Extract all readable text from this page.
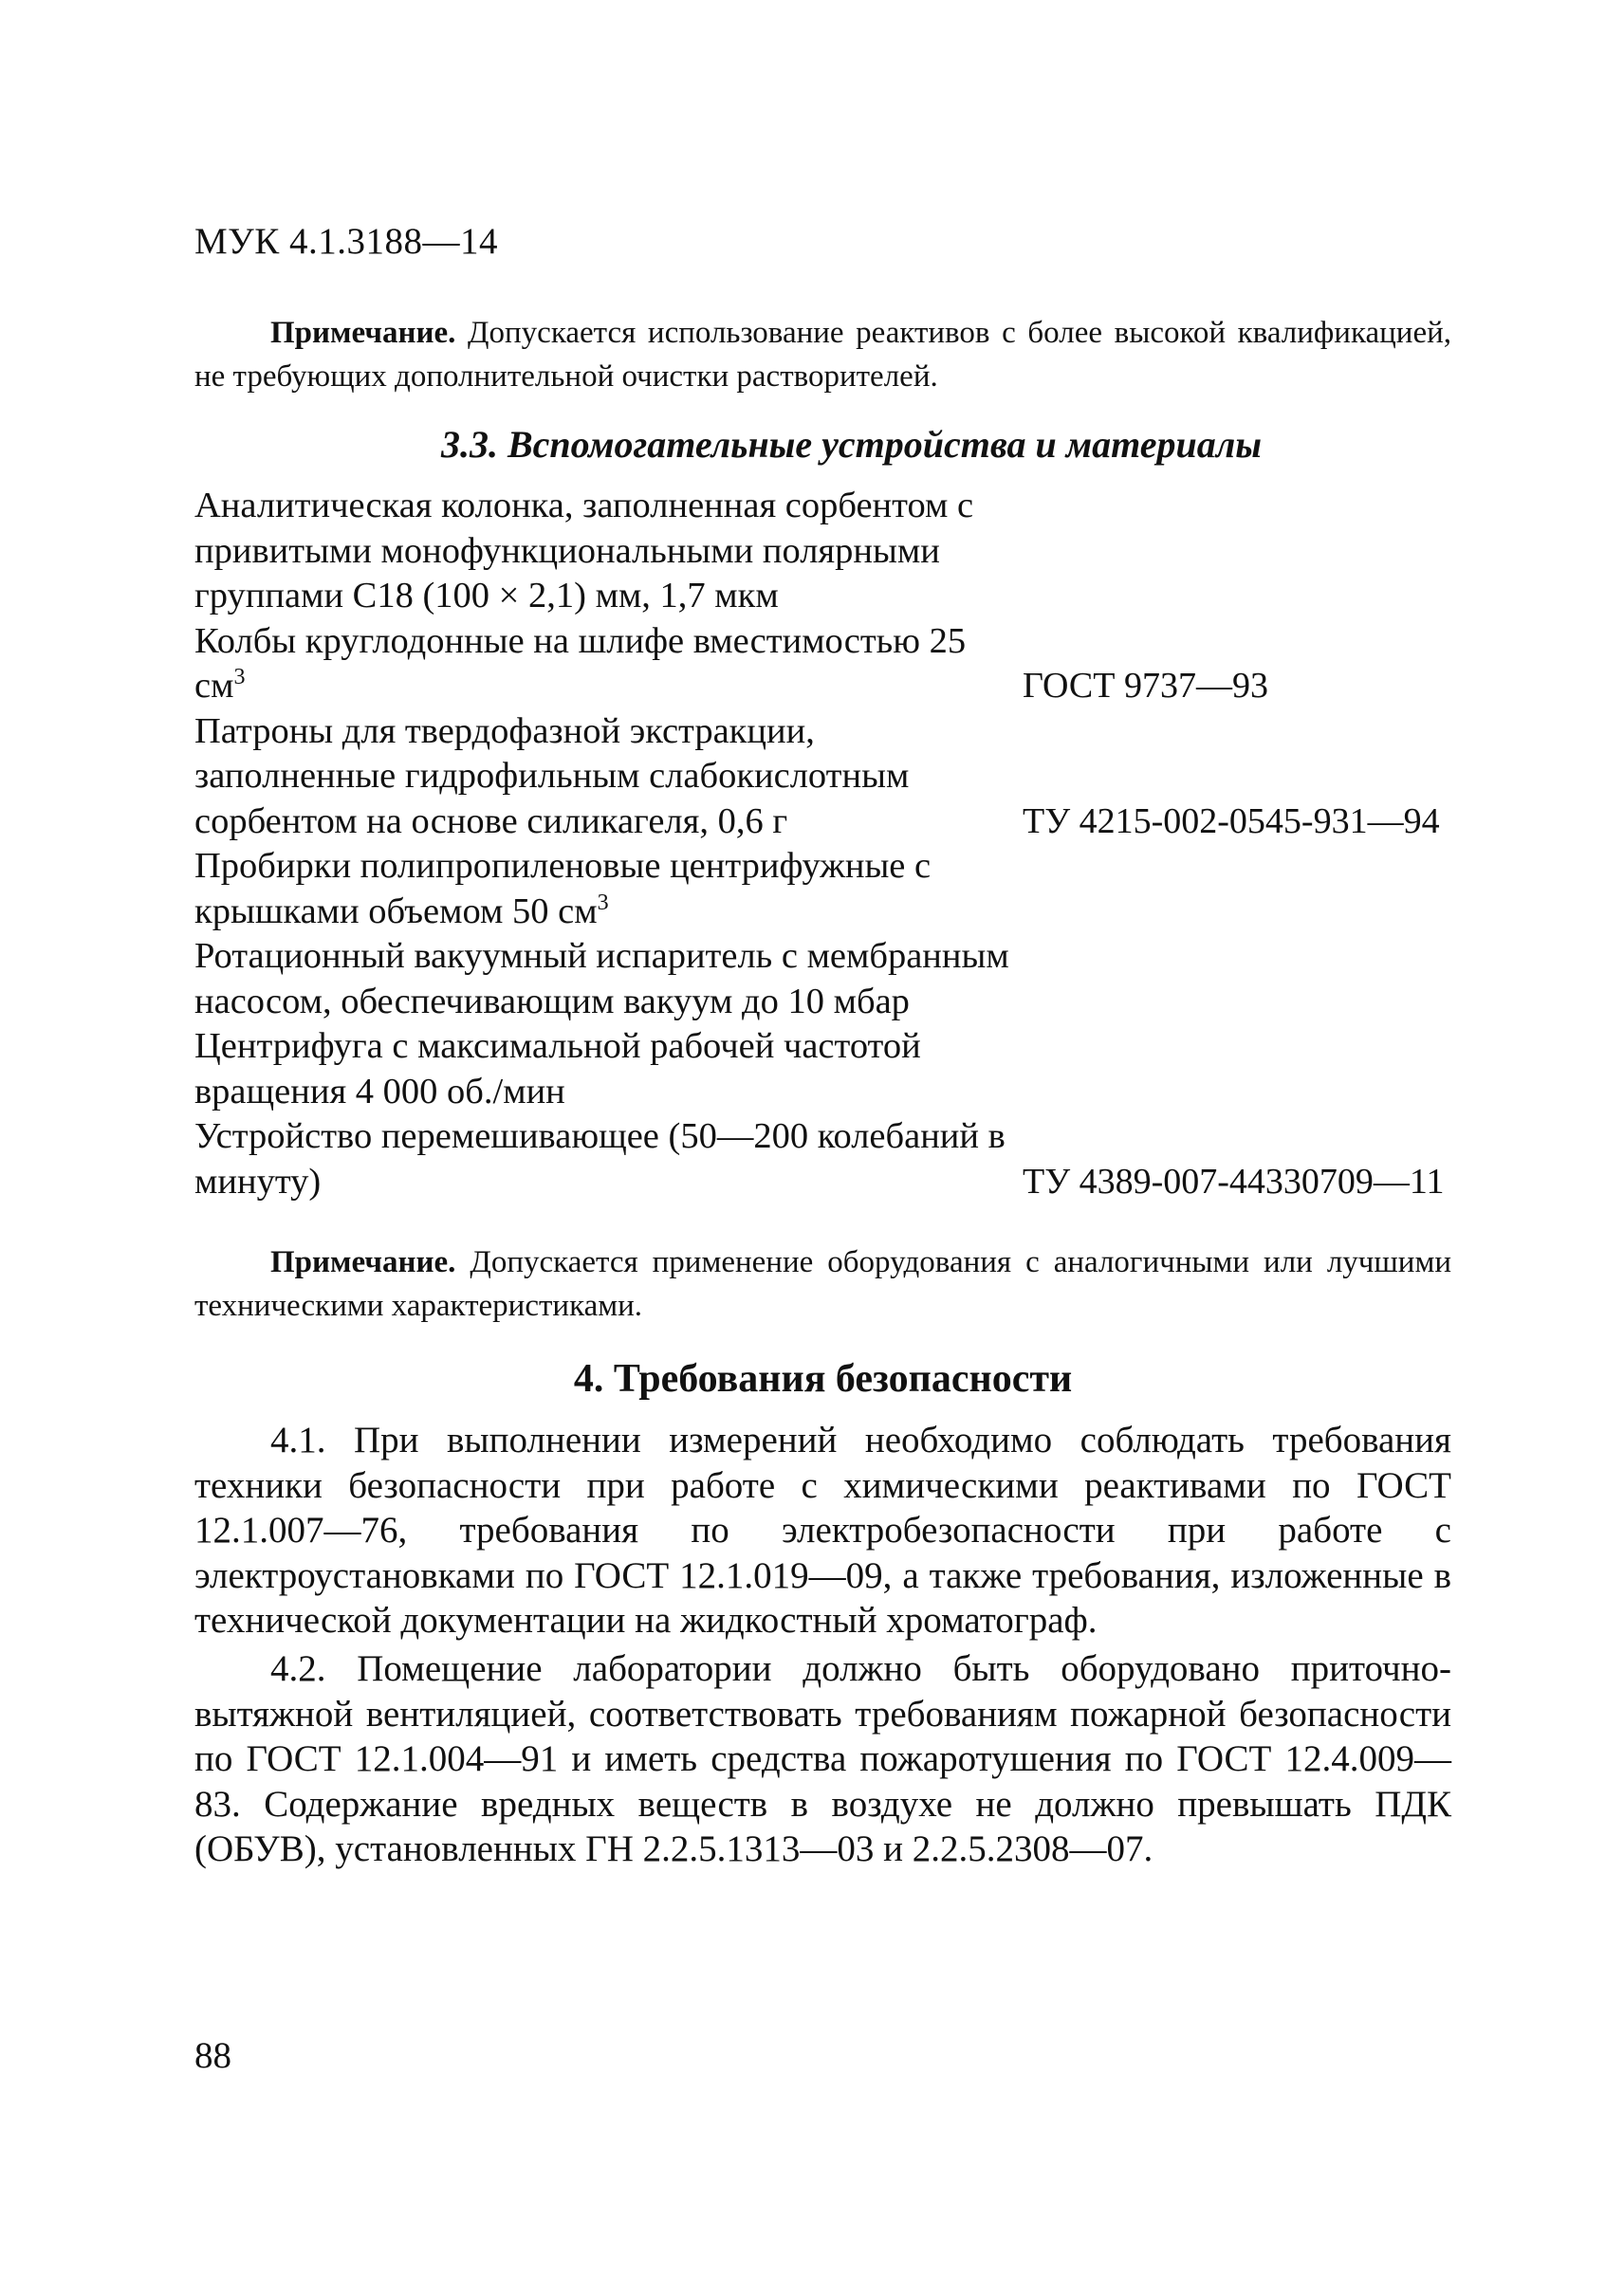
МУК 4.1.3188—14
Примечание. Допускается использование реактивов с более высокой квалификацией, не требующих дополнительной очистки растворителей.
3.3. Вспомогательные устройства и материалы
Аналитическая колонка, заполненная сорбентом с привитыми монофункциональными полярными группами С18 (100 × 2,1) мм, 1,7 мкм
Колбы круглодонные на шлифе вместимостью 25 $см^3$	ГОСТ 9737—93
Патроны для твердофазной экстракции, заполненные гидрофильным слабокислотным сорбентом на основе силикагеля, 0,6 г	ТУ 4215-002-0545-931—94
Пробирки полипропиленовые центрифужные с крышками объемом 50 $см^3$
Ротационный вакуумный испаритель с мембранным насосом, обеспечивающим вакуум до 10 мбар
Центрифуга с максимальной рабочей частотой вращения 4 000 об./мин
Устройство перемешивающее (50—200 колебаний в минуту)	ТУ 4389-007-44330709—11
Примечание. Допускается применение оборудования с аналогичными или лучшими техническими характеристиками.
4. Требования безопасности
4.1. При выполнении измерений необходимо соблюдать требования техники безопасности при работе с химическими реактивами по ГОСТ 12.1.007—76, требования по электробезопасности при работе с электроустановками по ГОСТ 12.1.019—09, а также требования, изложенные в технической документации на жидкостный хроматограф.
4.2. Помещение лаборатории должно быть оборудовано приточно-вытяжной вентиляцией, соответствовать требованиям пожарной безопасности по ГОСТ 12.1.004—91 и иметь средства пожаротушения по ГОСТ 12.4.009—83. Содержание вредных веществ в воздухе не должно превышать ПДК (ОБУВ), установленных ГН 2.2.5.1313—03 и 2.2.5.2308—07.
88
